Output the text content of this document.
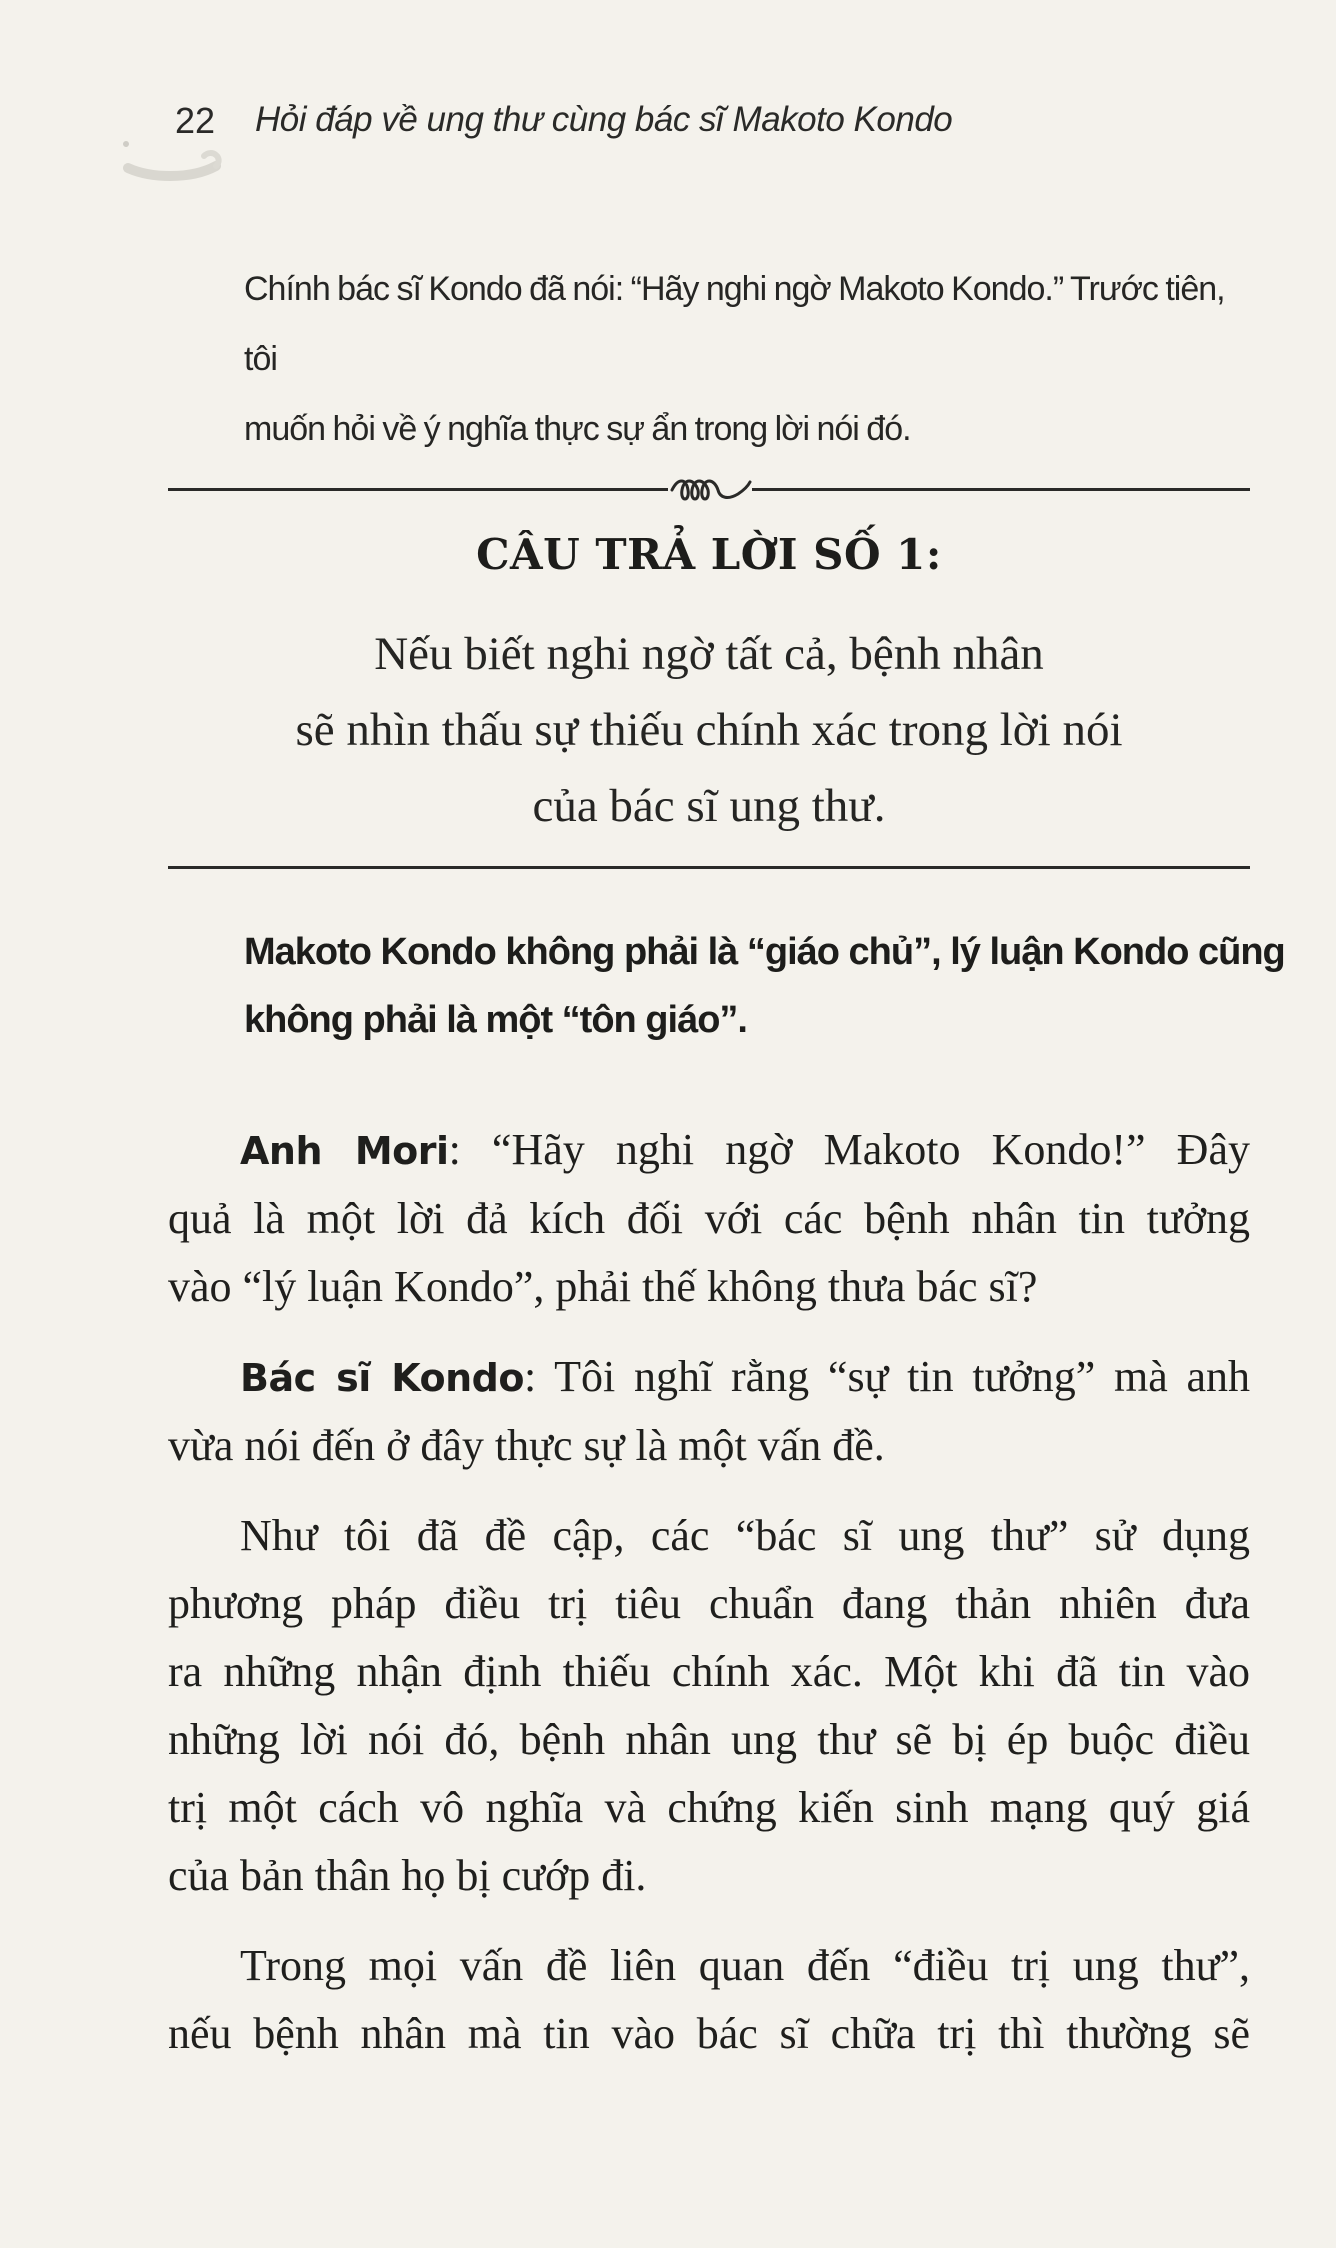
22 Hỏi đáp về ung thư cùng bác sĩ Makoto Kondo

Chính bác sĩ Kondo đã nói: “Hãy nghi ngờ Makoto Kondo.” Trước tiên, tôi

muốn hỏi về ý nghĩa thực sự ẩn trong lời nói đó.

CÂU TRẢ LỜI SỐ 1:
Nếu biết nghi ngờ tất cả, bệnh nhân
sẽ nhìn thấu sự thiếu chính xác trong lời nói
của bác sĩ ung thư.
Makoto Kondo không phải là “giáo chủ”, lý luận Kondo cũng
không phải là một “tôn giáo”.
Anh Mori: “Hãy nghi ngờ Makoto Kondo!” Đây
quả là một lời đả kích đối với các bệnh nhân tin tưởng
vào “lý luận Kondo”, phải thế không thưa bác sĩ?
Bác sĩ Kondo: Tôi nghĩ rằng “sự tin tưởng” mà anh
vừa nói đến ở đây thực sự là một vấn đề.
Như tôi đã đề cập, các “bác sĩ ung thư” sử dụng
phương pháp điều trị tiêu chuẩn đang thản nhiên đưa
ra những nhận định thiếu chính xác. Một khi đã tin vào
những lời nói đó, bệnh nhân ung thư sẽ bị ép buộc điều
trị một cách vô nghĩa và chứng kiến sinh mạng quý giá
của bản thân họ bị cướp đi.
Trong mọi vấn đề liên quan đến “điều trị ung thư”,
nếu bệnh nhân mà tin vào bác sĩ chữa trị thì thường sẽ
